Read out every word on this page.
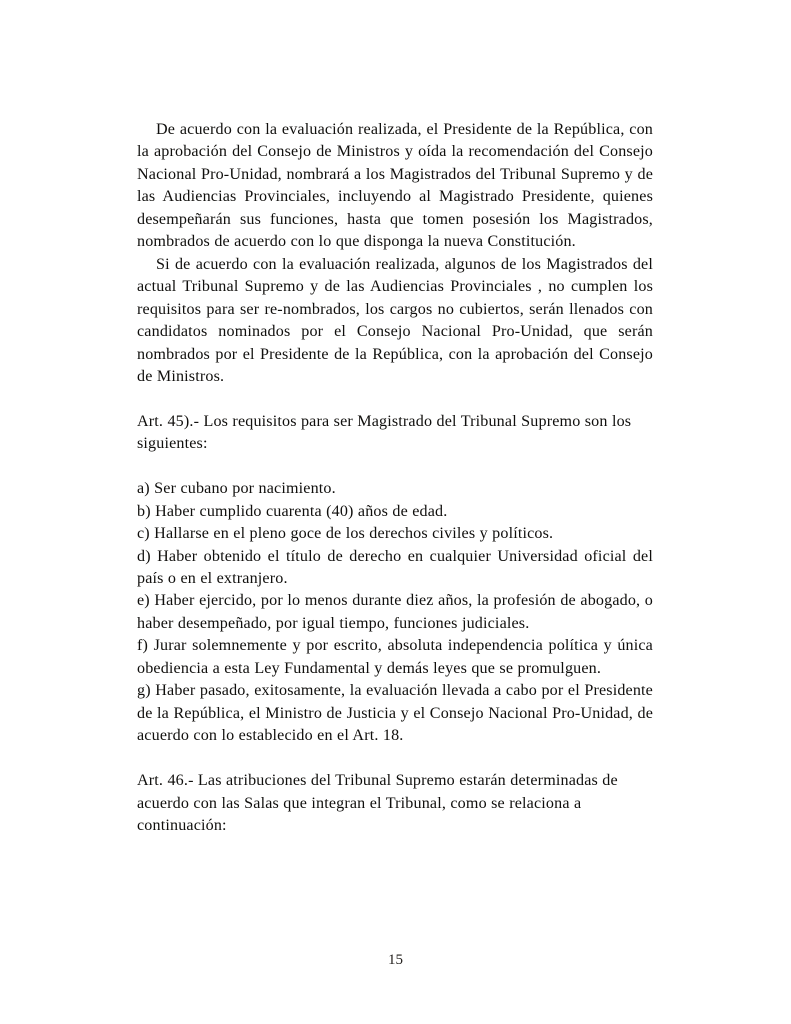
De acuerdo con la evaluación realizada, el Presidente de la República, con la aprobación del Consejo de Ministros y oída la recomendación del Consejo Nacional Pro-Unidad, nombrará a los Magistrados del Tribunal Supremo y de las Audiencias Provinciales, incluyendo al Magistrado Presidente, quienes desempeñarán sus funciones, hasta que tomen posesión los Magistrados, nombrados de acuerdo con lo que disponga la nueva Constitución.

Si de acuerdo con la evaluación realizada, algunos de los Magistrados del actual Tribunal Supremo y de las Audiencias Provinciales , no cumplen los requisitos para ser re-nombrados, los cargos no cubiertos, serán llenados con candidatos nominados por el Consejo Nacional Pro-Unidad, que serán nombrados por el Presidente de la República, con la aprobación del Consejo de Ministros.

Art. 45).- Los requisitos para ser Magistrado del Tribunal Supremo son los siguientes:

a) Ser cubano por nacimiento.

b) Haber cumplido cuarenta (40) años de edad.

c) Hallarse en el pleno goce de los derechos civiles y políticos.

d) Haber obtenido el título de derecho en cualquier Universidad oficial del país o en el extranjero.

e) Haber ejercido, por lo menos durante diez años, la profesión de abogado, o haber desempeñado, por igual tiempo, funciones judiciales.

f) Jurar solemnemente y por escrito, absoluta independencia política y única obediencia a esta Ley Fundamental y demás leyes que se promulguen.

g) Haber pasado, exitosamente, la evaluación llevada a cabo por el Presidente de la República, el Ministro de Justicia y el Consejo Nacional Pro-Unidad, de acuerdo con lo establecido en el Art. 18.

Art. 46.- Las atribuciones del Tribunal Supremo estarán determinadas de acuerdo con las Salas que integran el Tribunal, como se relaciona a continuación:

15
